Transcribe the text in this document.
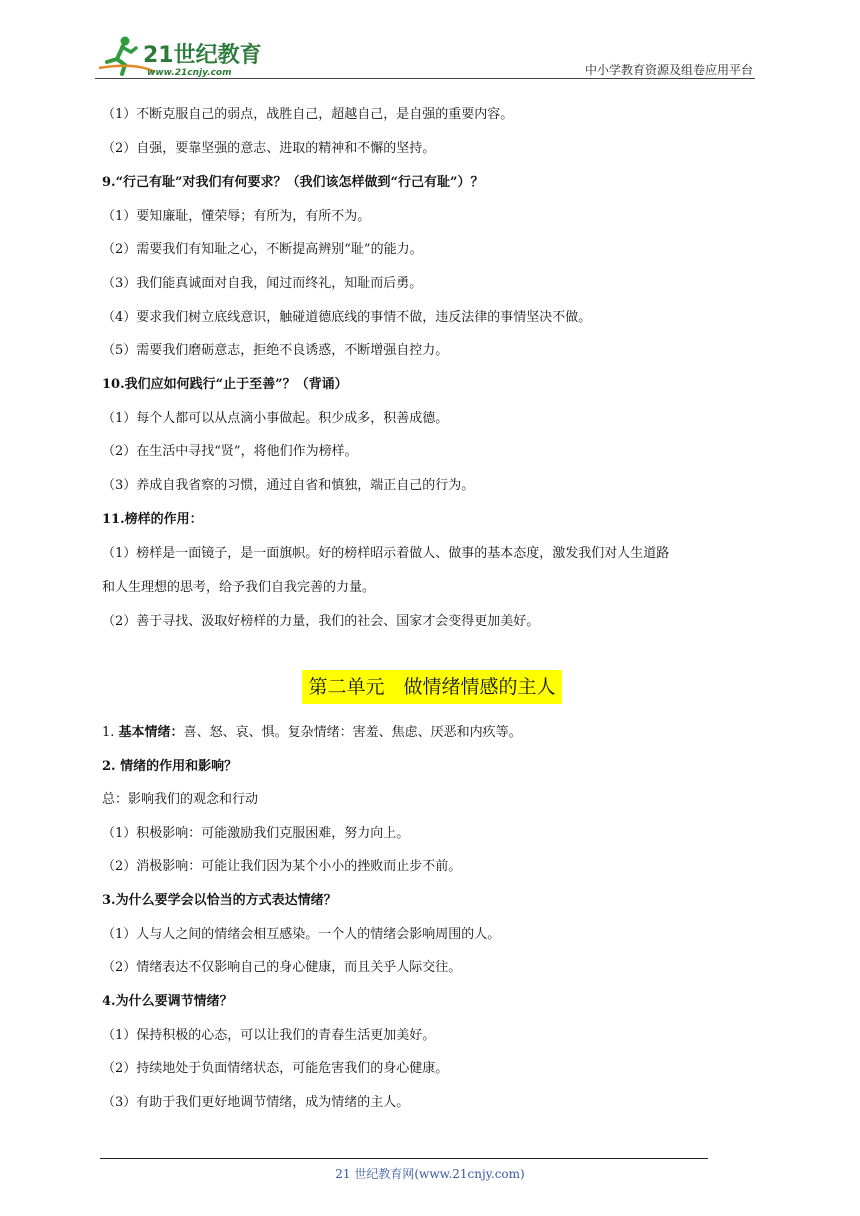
21世纪教育
www.21cnjy.com	中小学教育资源及组卷应用平台
（1）不断克服自己的弱点，战胜自己，超越自己，是自强的重要内容。
（2）自强，要靠坚强的意志、进取的精神和不懈的坚持。
9.“行己有耻”对我们有何要求？（我们该怎样做到“行己有耻”）？
（1）要知廉耻，懂荣辱；有所为，有所不为。
（2）需要我们有知耻之心，不断提高辨别“耻”的能力。
（3）我们能真诚面对自我，闻过而终礼，知耻而后勇。
（4）要求我们树立底线意识，触碰道德底线的事情不做，违反法律的事情坚决不做。
（5）需要我们磨砺意志，拒绝不良诱惑，不断增强自控力。
10.我们应如何践行“止于至善”？（背诵）
（1）每个人都可以从点滴小事做起。积少成多，积善成德。
（2）在生活中寻找“贤”，将他们作为榜样。
（3）养成自我省察的习惯，通过自省和慎独，端正自己的行为。
11.榜样的作用：
（1）榜样是一面镜子，是一面旗帜。好的榜样昭示着做人、做事的基本态度，激发我们对人生道路
和人生理想的思考，给予我们自我完善的力量。
（2）善于寻找、汲取好榜样的力量，我们的社会、国家才会变得更加美好。
第二单元　做情绪情感的主人
1. 基本情绪：喜、怒、哀、惧。复杂情绪：害羞、焦虑、厌恶和内疚等。
2. 情绪的作用和影响？
总：影响我们的观念和行动
（1）积极影响：可能激励我们克服困难，努力向上。
（2）消极影响：可能让我们因为某个小小的挫败而止步不前。
3.为什么要学会以恰当的方式表达情绪？
（1）人与人之间的情绪会相互感染。一个人的情绪会影响周围的人。
（2）情绪表达不仅影响自己的身心健康，而且关乎人际交往。
4.为什么要调节情绪？
（1）保持积极的心态，可以让我们的青春生活更加美好。
（2）持续地处于负面情绪状态，可能危害我们的身心健康。
（3）有助于我们更好地调节情绪，成为情绪的主人。
21 世纪教育网(www.21cnjy.com)
